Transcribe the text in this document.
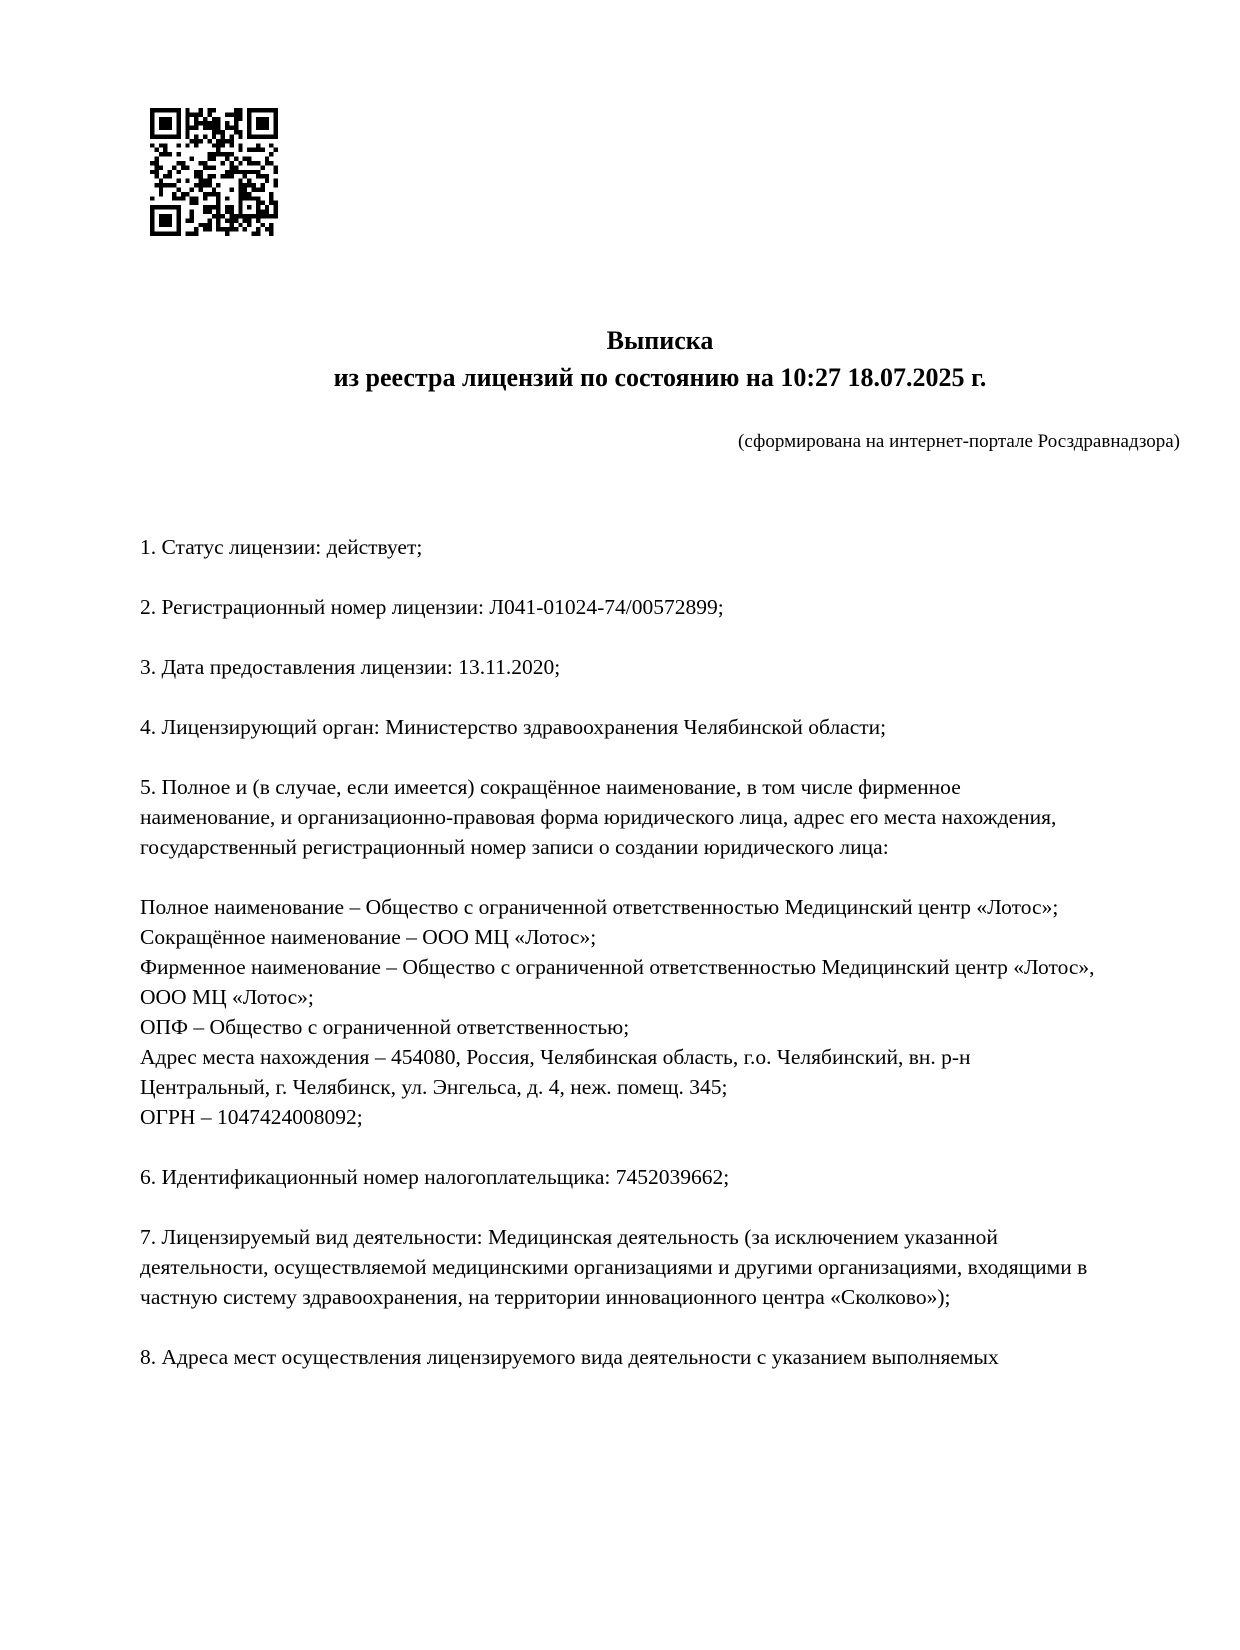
Выписка
из реестра лицензий по состоянию на 10:27 18.07.2025 г.
(сформирована на интернет-портале Росздравнадзора)
1. Статус лицензии: действует;
2. Регистрационный номер лицензии: Л041-01024-74/00572899;
3. Дата предоставления лицензии: 13.11.2020;
4. Лицензирующий орган: Министерство здравоохранения Челябинской области;
5. Полное и (в случае, если имеется) сокращённое наименование, в том числе фирменное наименование, и организационно-правовая форма юридического лица, адрес его места нахождения, государственный регистрационный номер записи о создании юридического лица:
Полное наименование – Общество с ограниченной ответственностью Медицинский центр «Лотос»;
Сокращённое наименование – ООО МЦ «Лотос»;
Фирменное наименование – Общество с ограниченной ответственностью Медицинский центр «Лотос», ООО МЦ «Лотос»;
ОПФ – Общество с ограниченной ответственностью;
Адрес места нахождения – 454080, Россия, Челябинская область, г.о. Челябинский, вн. р-н Центральный, г. Челябинск, ул. Энгельса, д. 4, неж. помещ. 345;
ОГРН – 1047424008092;
6. Идентификационный номер налогоплательщика: 7452039662;
7. Лицензируемый вид деятельности: Медицинская деятельность (за исключением указанной деятельности, осуществляемой медицинскими организациями и другими организациями, входящими в частную систему здравоохранения, на территории инновационного центра «Сколково»);
8. Адреса мест осуществления лицензируемого вида деятельности с указанием выполняемых
